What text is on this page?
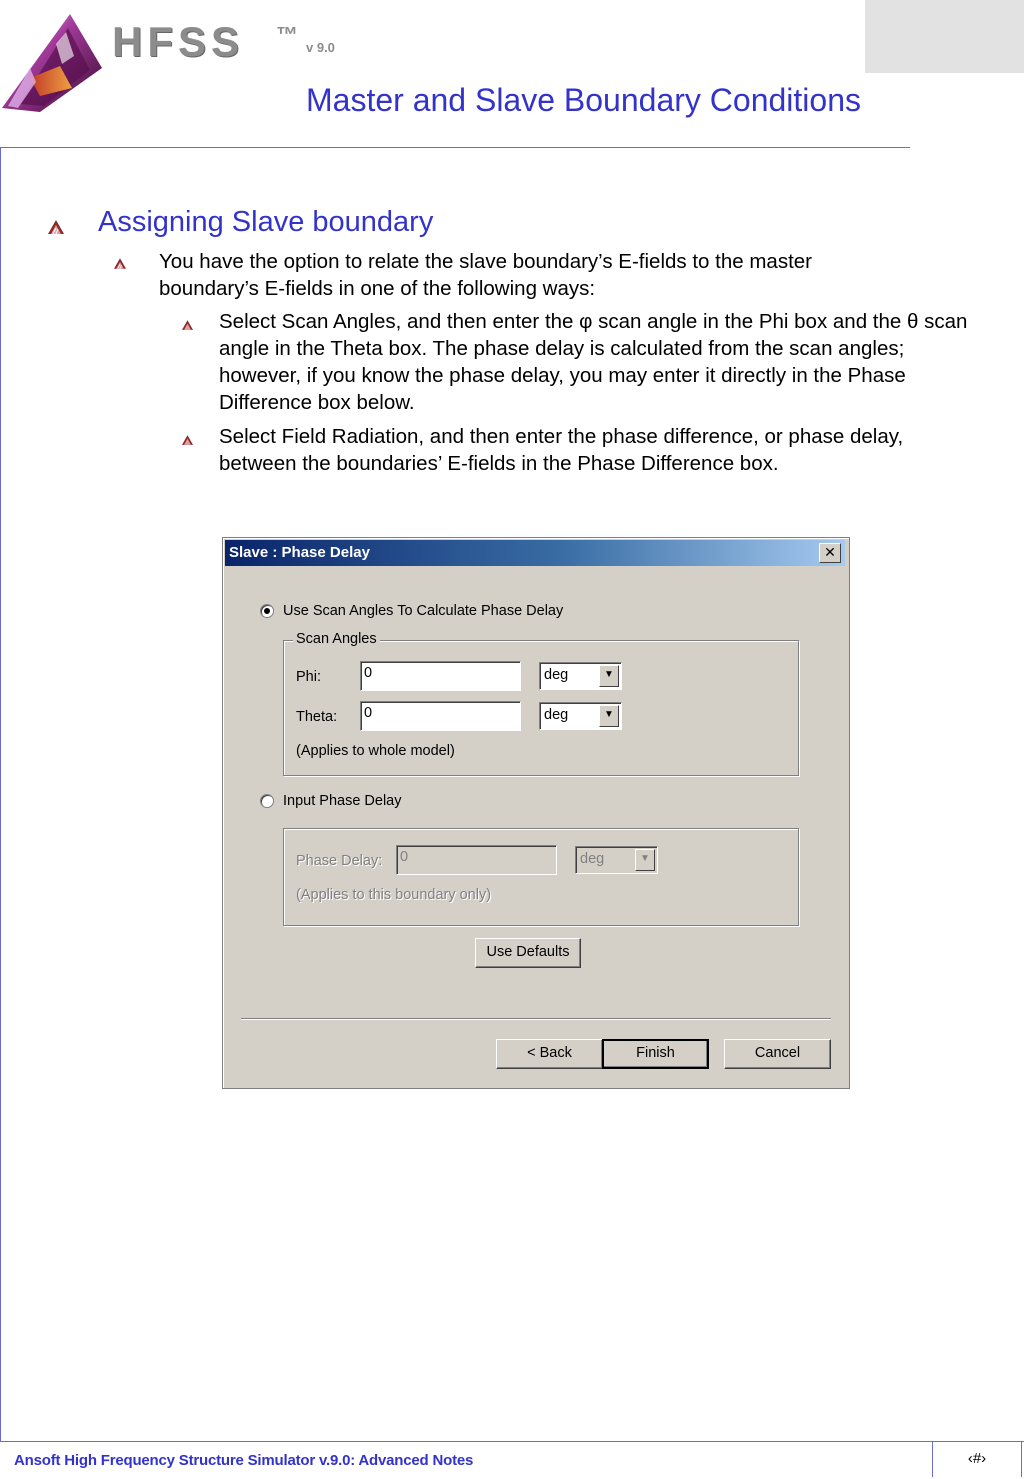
HFSS ™
v 9.0
Master and Slave Boundary Conditions
Assigning Slave boundary
You have the option to relate the slave boundary’s E-fields to the master boundary’s E-fields in one of the following ways:
Select Scan Angles, and then enter the φ scan angle in the Phi box and the θ scan angle in the Theta box. The phase delay is calculated from the scan angles; however, if you know the phase delay, you may enter it directly in the Phase Difference box below.
Select Field Radiation, and then enter the phase difference, or phase delay, between the boundaries’ E-fields in the Phase Difference box.
Slave : Phase Delay	✕
Use Scan Angles To Calculate Phase Delay
Scan Angles
Phi:	0	deg	▼
Theta: 0	deg	▼
(Applies to whole model)
Input Phase Delay
Phase Delay: 0	deg	▼
(Applies to this boundary only)
Use Defaults
< Back	Finish	Cancel
Ansoft High Frequency Structure Simulator v.9.0: Advanced Notes	‹#›
